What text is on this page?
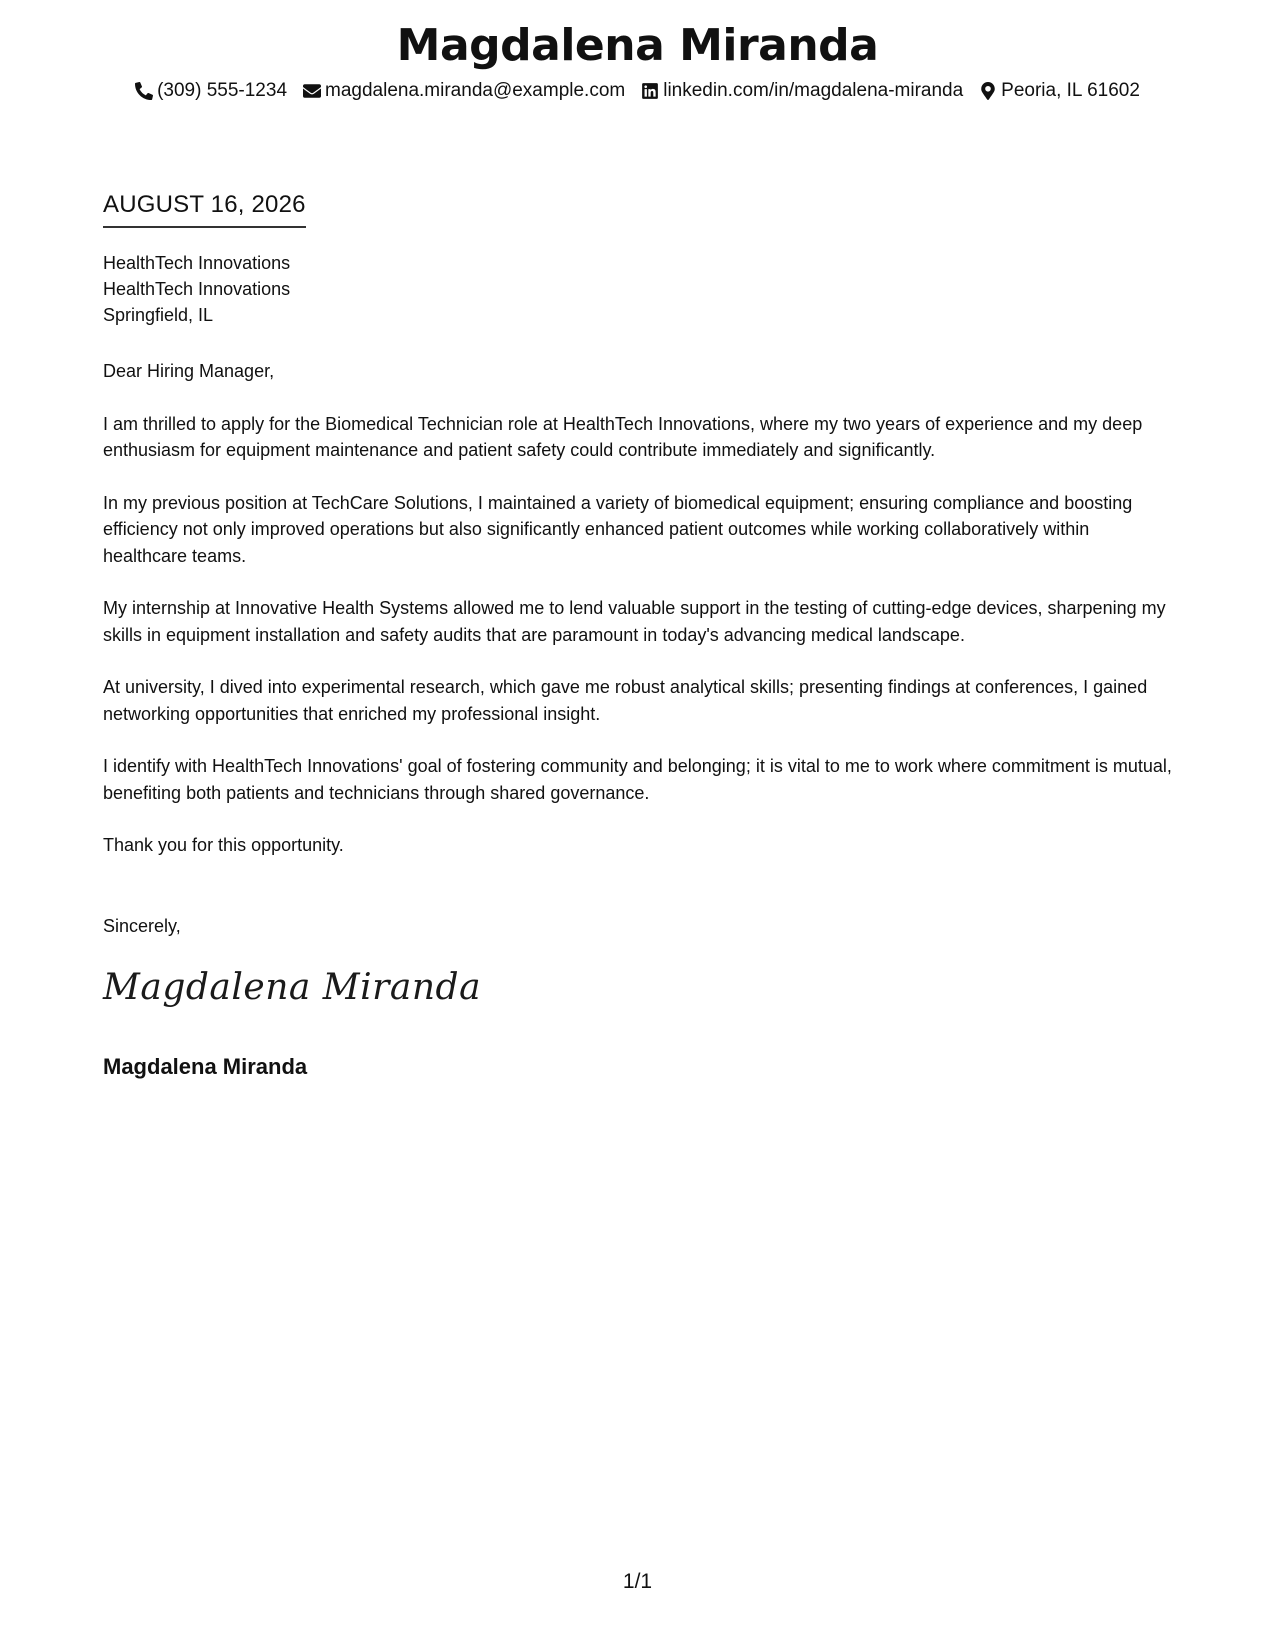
Magdalena Miranda
(309) 555-1234 magdalena.miranda@example.com linkedin.com/in/magdalena-miranda Peoria, IL 61602
AUGUST 16, 2026
HealthTech Innovations
HealthTech Innovations
Springfield, IL

Dear Hiring Manager,

I am thrilled to apply for the Biomedical Technician role at HealthTech Innovations, where my two years of experience and my deep enthusiasm for equipment maintenance and patient safety could contribute immediately and significantly.

In my previous position at TechCare Solutions, I maintained a variety of biomedical equipment; ensuring compliance and boosting efficiency not only improved operations but also significantly enhanced patient outcomes while working collaboratively within healthcare teams.

My internship at Innovative Health Systems allowed me to lend valuable support in the testing of cutting-edge devices, sharpening my skills in equipment installation and safety audits that are paramount in today's advancing medical landscape.

At university, I dived into experimental research, which gave me robust analytical skills; presenting findings at conferences, I gained networking opportunities that enriched my professional insight.

I identify with HealthTech Innovations' goal of fostering community and belonging; it is vital to me to work where commitment is mutual, benefiting both patients and technicians through shared governance.

Thank you for this opportunity.

Sincerely,
Magdalena Miranda
Magdalena Miranda
1/1
